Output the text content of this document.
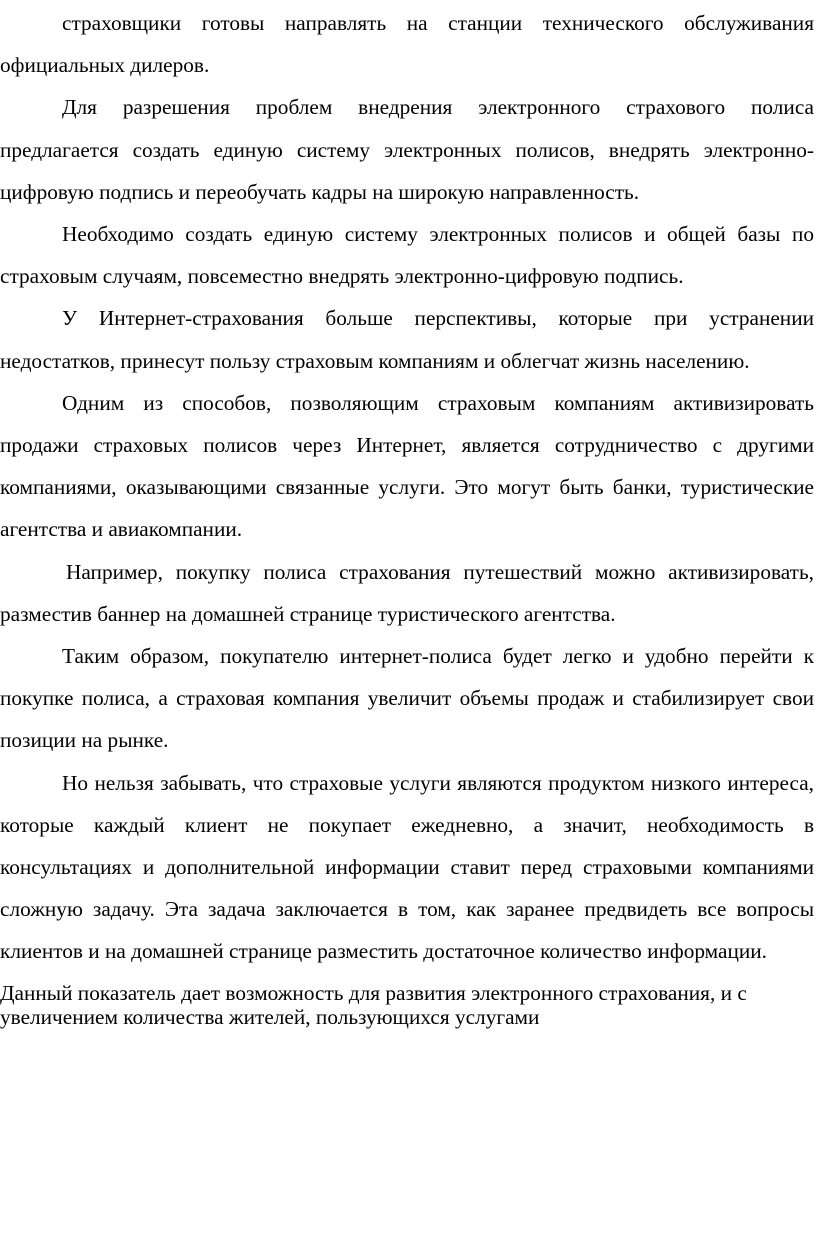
страховщики готовы направлять на станции технического обслуживания официальных дилеров.

Для разрешения проблем внедрения электронного страхового полиса предлагается создать единую систему электронных полисов, внедрять электронно-цифровую подпись и переобучать кадры на широкую направленность.

Необходимо создать единую систему электронных полисов и общей базы по страховым случаям, повсеместно внедрять электронно-цифровую подпись.

У Интернет-страхования больше перспективы, которые при устранении недостатков, принесут пользу страховым компаниям и облегчат жизнь населению.

Одним из способов, позволяющим страховым компаниям активизировать продажи страховых полисов через Интернет, является сотрудничество с другими компаниями, оказывающими связанные услуги. Это могут быть банки, туристические агентства и авиакомпании.

Например, покупку полиса страхования путешествий можно активизировать, разместив баннер на домашней странице туристического агентства.

Таким образом, покупателю интернет-полиса будет легко и удобно перейти к покупке полиса, а страховая компания увеличит объемы продаж и стабилизирует свои позиции на рынке.

Но нельзя забывать, что страховые услуги являются продуктом низкого интереса, которые каждый клиент не покупает ежедневно, а значит, необходимость в консультациях и дополнительной информации ставит перед страховыми компаниями сложную задачу. Эта задача заключается в том, как заранее предвидеть все вопросы клиентов и на домашней странице разместить достаточное количество информации.

Данный показатель дает возможность для развития электронного страхования, и с увеличением количества жителей, пользующихся услугами
